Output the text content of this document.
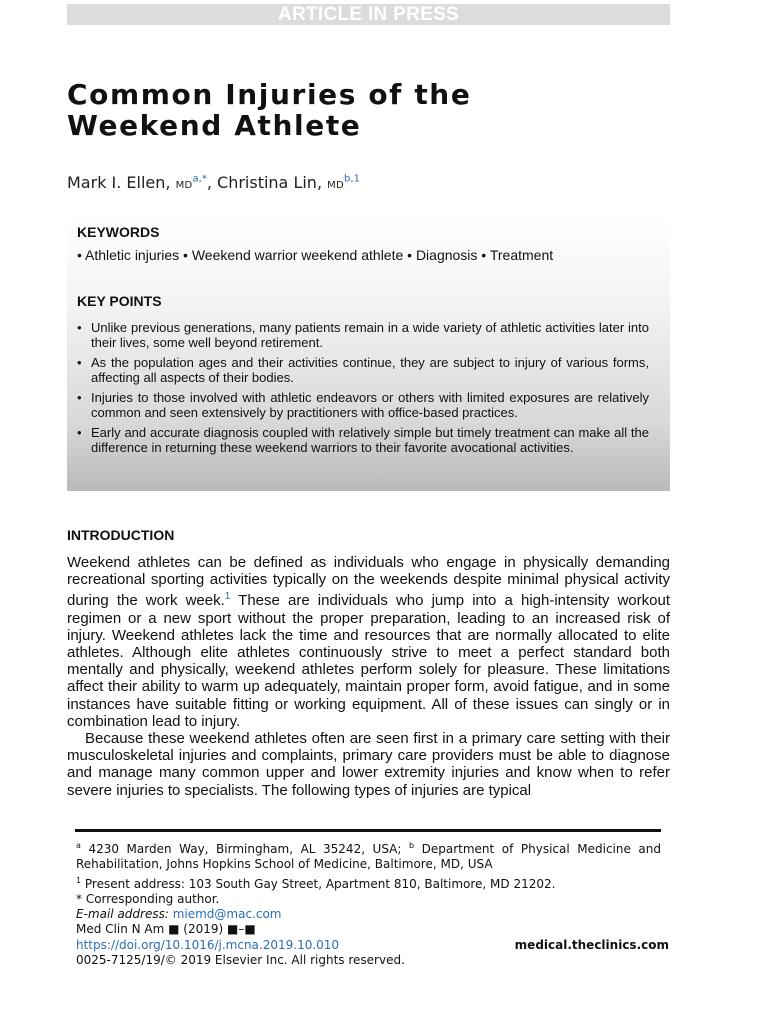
ARTICLE IN PRESS
Common Injuries of the
Weekend Athlete
Mark I. Ellen, $MD^{a,*}$, Christina Lin, MD$^{b,1}$
KEYWORDS
• Athletic injuries • Weekend warrior weekend athlete • Diagnosis • Treatment
KEY POINTS
• Unlike previous generations, many patients remain in a wide variety of athletic activities later into their lives, some well beyond retirement.
• As the population ages and their activities continue, they are subject to injury of various forms, affecting all aspects of their bodies.
• Injuries to those involved with athletic endeavors or others with limited exposures are relatively common and seen extensively by practitioners with office-based practices.
• Early and accurate diagnosis coupled with relatively simple but timely treatment can make all the difference in returning these weekend warriors to their favorite avocational activities.
INTRODUCTION

Weekend athletes can be defined as individuals who engage in physically demanding recreational sporting activities typically on the weekends despite minimal physical activity during the work week.$^1$ These are individuals who jump into a high-intensity workout regimen or a new sport without the proper preparation, leading to an increased risk of injury. Weekend athletes lack the time and resources that are normally allocated to elite athletes. Although elite athletes continuously strive to meet a perfect standard both mentally and physically, weekend athletes perform solely for pleasure. These limitations affect their ability to warm up adequately, maintain proper form, avoid fatigue, and in some instances have suitable fitting or working equipment. All of these issues can singly or in combination lead to injury.

Because these weekend athletes often are seen first in a primary care setting with their musculoskeletal injuries and complaints, primary care providers must be able to diagnose and manage many common upper and lower extremity injuries and know when to refer severe injuries to specialists. The following types of injuries are typical

$^a$ 4230 Marden Way, Birmingham, AL 35242, USA; $^b$ Department of Physical Medicine and Rehabilitation, Johns Hopkins School of Medicine, Baltimore, MD, USA
$^1$ Present address: 103 South Gay Street, Apartment 810, Baltimore, MD 21202.
* Corresponding author.
E-mail address: miemd@mac.com
Med Clin N Am ■ (2019) ■–■
https://doi.org/10.1016/j.mcna.2019.10.010
0025-7125/19/© 2019 Elsevier Inc. All rights reserved.
medical.theclinics.com
